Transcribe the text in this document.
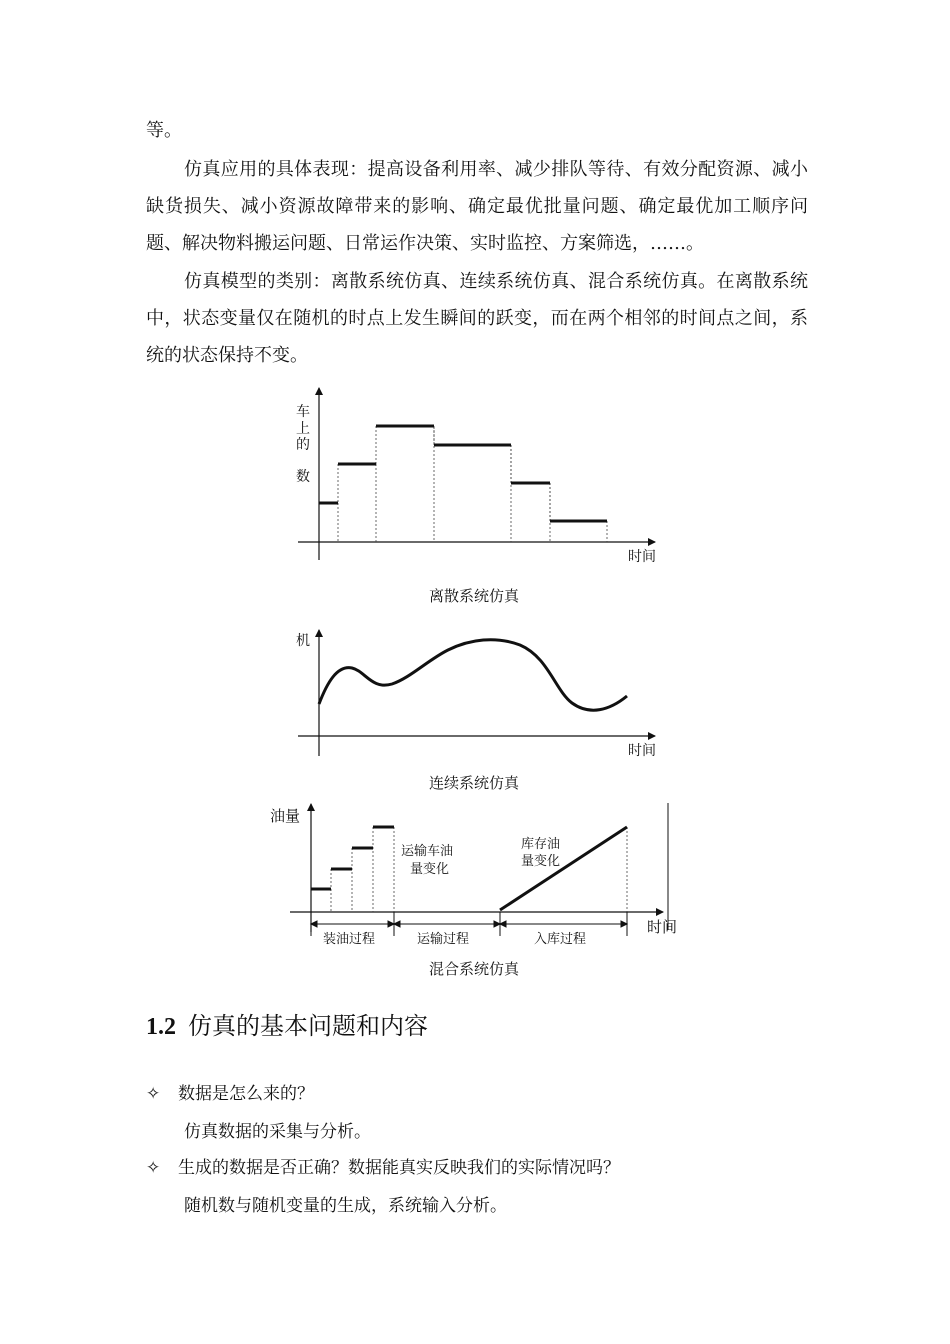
等。
仿真应用的具体表现：提高设备利用率、减少排队等待、有效分配资源、减小缺货损失、减小资源故障带来的影响、确定最优批量问题、确定最优加工顺序问题、解决物料搬运问题、日常运作决策、实时监控、方案筛选，……。
仿真模型的类别：离散系统仿真、连续系统仿真、混合系统仿真。在离散系统中，状态变量仅在随机的时点上发生瞬间的跃变，而在两个相邻的时间点之间，系统的状态保持不变。
车
上
的
数
时间
机
时间
油量
时间
运输车油
量变化
库存油
量变化
装油过程	运输过程	入库过程
离散系统仿真
连续系统仿真
混合系统仿真
1.2 仿真的基本问题和内容
✧ 数据是怎么来的？
仿真数据的采集与分析。
✧ 生成的数据是否正确？数据能真实反映我们的实际情况吗？
随机数与随机变量的生成，系统输入分析。
